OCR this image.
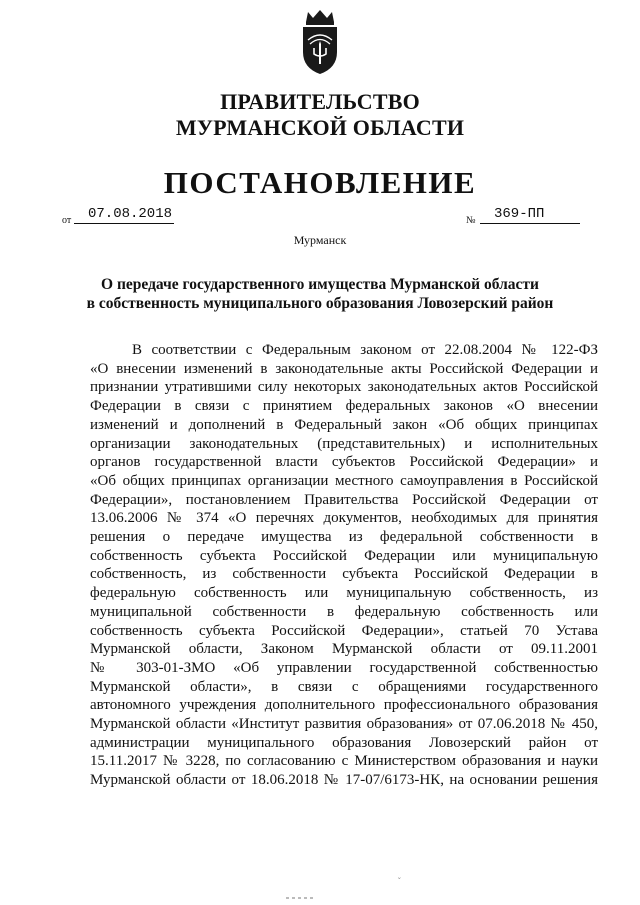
ПРАВИТЕЛЬСТВО
МУРМАНСКОЙ ОБЛАСТИ
ПОСТАНОВЛЕНИЕ
от	07.08.2018	№	369-ПП
Мурманск
О передаче государственного имущества Мурманской области
в собственность муниципального образования Ловозерский район
В соответствии с Федеральным законом от 22.08.2004 № 122-ФЗ
«О внесении изменений в законодательные акты Российской Федерации и
признании утратившими силу некоторых законодательных актов Российской
Федерации в связи с принятием федеральных законов «О внесении
изменений и дополнений в Федеральный закон «Об общих принципах
организации законодательных (представительных) и исполнительных
органов государственной власти субъектов Российской Федерации» и
«Об общих принципах организации местного самоуправления в Российской
Федерации», постановлением Правительства Российской Федерации от
13.06.2006 № 374 «О перечнях документов, необходимых для принятия
решения о передаче имущества из федеральной собственности в
собственность субъекта Российской Федерации или муниципальную
собственность, из собственности субъекта Российской Федерации в
федеральную собственность или муниципальную собственность, из
муниципальной собственности в федеральную собственность или
собственность субъекта Российской Федерации», статьей 70 Устава
Мурманской области, Законом Мурманской области от 09.11.2001
№ 303-01-ЗМО «Об управлении государственной собственностью
Мурманской области», в связи с обращениями государственного
автономного учреждения дополнительного профессионального образования
Мурманской области «Институт развития образования» от 07.06.2018 № 450,
администрации муниципального образования Ловозерский район от
15.11.2017 № 3228, по согласованию с Министерством образования и науки
Мурманской области от 18.06.2018 № 17-07/6173-НК, на основании решения
˘
